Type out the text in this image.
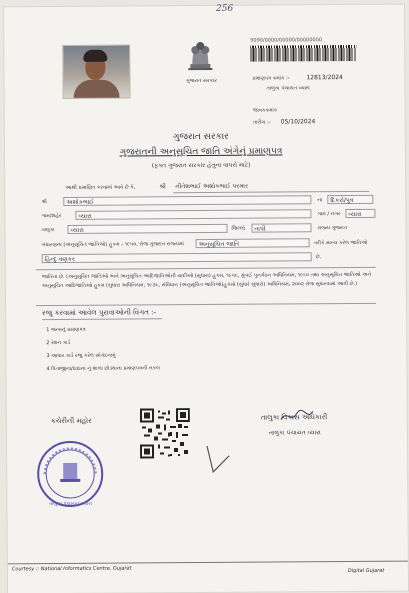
256
ગુજરાત સરકાર
9090/0000/00000/00000000
પ્રમાણપત્ર ક્રમાંક :-	12813/2024
તાલુકા પંચાયત વ્યારા
જાવકક્રમાંક
તારીખ :- 05/10/2024
ગુજરાત સરકાર
ગુજરાતની અનુસૂચિત જાતિ અંગેનું પ્રમાણપત્ર
(ફક્ત ગુજરાત સરકાર હેતુના વાપરો માટે)
આથી પ્રમાણિત કરવામાં આવે છે કે,	શ્રી નીતેશભાઈ અશોકભાઈ પરમાર
શ્રી	અશોકભાઈ	ના	દિકરો/પુત્ર
ગામ/શહેર	વ્યારા	ગામ / નગર	વ્યારા
તાલુકા	વ્યારા	જિલ્લો	તાપી	રાજ્ય ગુજરાત
બંધારણના (અનુસૂચિત જાતિઓ) હુકમ - ૧૯૫૦, રોજ ગુજરાત રાજ્યમાં	અનુસૂચિત જાતિ	તરીકે માન્ય કરેલ જાતિઓ
હિન્દુ વણકર	છે.
જાતિના છે. (અનુસૂચિત જાતિઓ અને અનુસૂચિત આદિજાતિઓની યાદીઓ (સુધારા) હુકમ, ૧૯૫૬, મુંબઈ પુનર્ગઠન અધિનિયમ, ૧૯૬૦ તથા અનુસૂચિત જાતિઓ અને અનુસૂચિત આદિજાતિઓ હુકમ (સુધારા અધિનિયમ, ૧૯૭૬, સંવિધાન (અનુસૂચિત જાતિઓ)હુકમો (સુધારે સુધારો) અધિનિયમ, ૨૦૦૨ રોજ સુધારવામાં આવી છે.)
રજુ કરવામાં આવેલ પુરાવાઓની વિગત :-
1 જન્મનું પ્રમાણપત્ર
2 રેશન કાર્ડ
3 આધાર કાર્ડ રજુ કરેલ સોગંદનામું
4 પિતાજીના/દાદાના નું શાળા છોડ્યાના પ્રમાણપત્રની નકલ
કચેરીની મહોર
તાલુકા પંચાયત વ્યારા
તાલુકા વિકાસ અધિકારી
તાલુકા પંચાયત વ્યારા
Courtesy :: National Informatics Centre, Gujarat	Digital Gujarat
